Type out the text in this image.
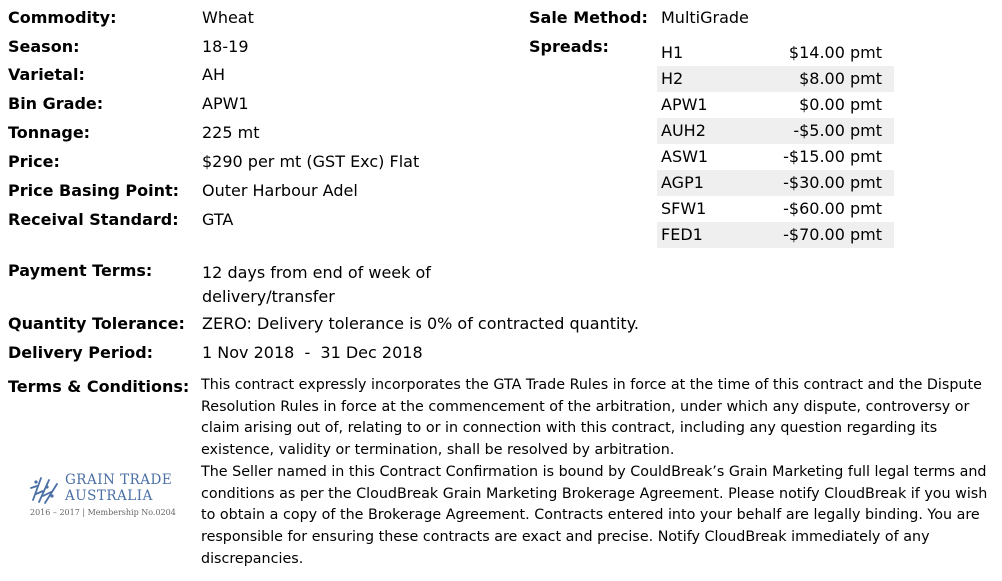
Commodity:	Wheat
Season:	18-19
Varietal:	AH
Bin Grade:	APW1
Tonnage:	225 mt
Price:	$290 per mt (GST Exc) Flat
Price Basing Point: Outer Harbour Adel
Receival Standard: GTA
Sale Method: MultiGrade
Spreads:	H1	$14.00 pmt
H2	$8.00 pmt
APW1	$0.00 pmt
AUH2	-$5.00 pmt
ASW1	-$15.00 pmt
AGP1	-$30.00 pmt
SFW1	-$60.00 pmt
FED1	-$70.00 pmt
Payment Terms:	12 days from end of week of delivery/transfer
Quantity Tolerance: ZERO: Delivery tolerance is 0% of contracted quantity.
Delivery Period:	1 Nov 2018  -  31 Dec 2018
Terms & Conditions: This contract expressly incorporates the GTA Trade Rules in force at the time of this contract and the Dispute Resolution Rules in force at the commencement of the arbitration, under which any dispute, controversy or claim arising out of, relating to or in connection with this contract, including any question regarding its existence, validity or termination, shall be resolved by arbitration.
The Seller named in this Contract Confirmation is bound by CouldBreak’s Grain Marketing full legal terms and conditions as per the CloudBreak Grain Marketing Brokerage Agreement. Please notify CloudBreak if you wish to obtain a copy of the Brokerage Agreement. Contracts entered into your behalf are legally binding. You are responsible for ensuring these contracts are exact and precise. Notify CloudBreak immediately of any discrepancies.
GRAIN TRADE
AUSTRALIA
2016 – 2017 | Membership No.0204
